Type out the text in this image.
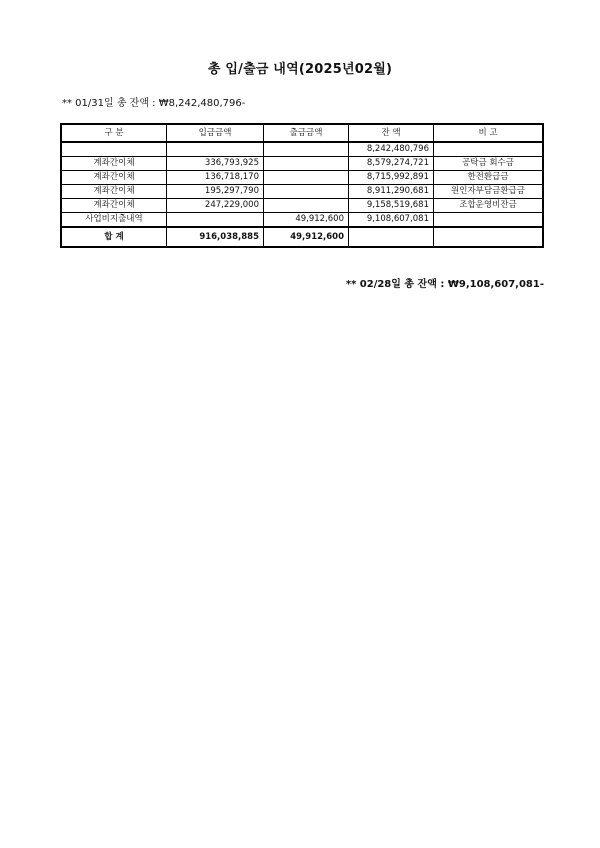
총 입/출금 내역(2025년02월)
** 01/31일 총 잔액 : ₩8,242,480,796-
구 분	입금금액	출금금액	잔 액	비 고
			8,242,480,796	
계좌간이체	336,793,925		8,579,274,721	공탁금 회수금
계좌간이체	136,718,170		8,715,992,891	한전환급금
계좌간이체	195,297,790		8,911,290,681	원인자부담금환급금
계좌간이체	247,229,000		9,158,519,681	조합운영비잔금
사업비지출내역		49,912,600	9,108,607,081	
합 계	916,038,885	49,912,600		
** 02/28일 총 잔액 : ₩9,108,607,081-
